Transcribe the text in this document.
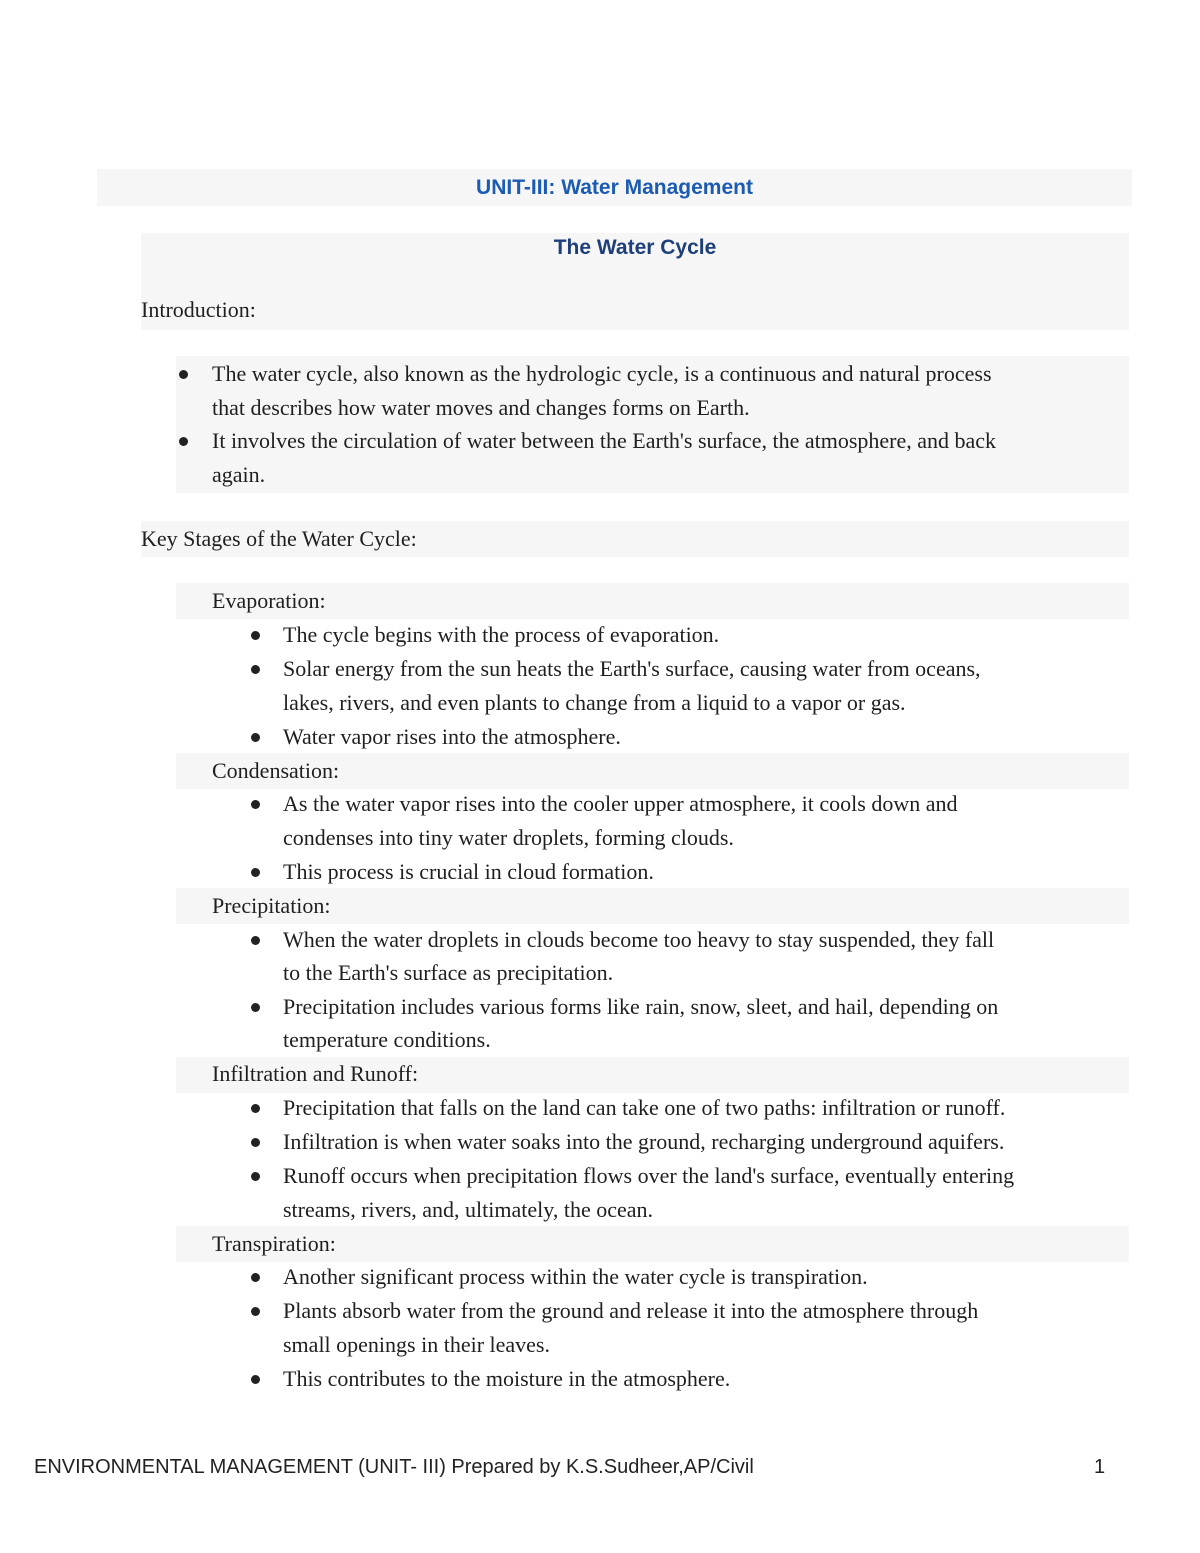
UNIT-III: Water Management
The Water Cycle
Introduction:
The water cycle, also known as the hydrologic cycle, is a continuous and natural process
that describes how water moves and changes forms on Earth.
It involves the circulation of water between the Earth's surface, the atmosphere, and back
again.
Key Stages of the Water Cycle:
Evaporation:
The cycle begins with the process of evaporation.
Solar energy from the sun heats the Earth's surface, causing water from oceans,
lakes, rivers, and even plants to change from a liquid to a vapor or gas.
Water vapor rises into the atmosphere.
Condensation:
As the water vapor rises into the cooler upper atmosphere, it cools down and
condenses into tiny water droplets, forming clouds.
This process is crucial in cloud formation.
Precipitation:
When the water droplets in clouds become too heavy to stay suspended, they fall
to the Earth's surface as precipitation.
Precipitation includes various forms like rain, snow, sleet, and hail, depending on
temperature conditions.
Infiltration and Runoff:
Precipitation that falls on the land can take one of two paths: infiltration or runoff.
Infiltration is when water soaks into the ground, recharging underground aquifers.
Runoff occurs when precipitation flows over the land's surface, eventually entering
streams, rivers, and, ultimately, the ocean.
Transpiration:
Another significant process within the water cycle is transpiration.
Plants absorb water from the ground and release it into the atmosphere through
small openings in their leaves.
This contributes to the moisture in the atmosphere.
ENVIRONMENTAL MANAGEMENT (UNIT- III) Prepared by K.S.Sudheer,AP/Civil	1
